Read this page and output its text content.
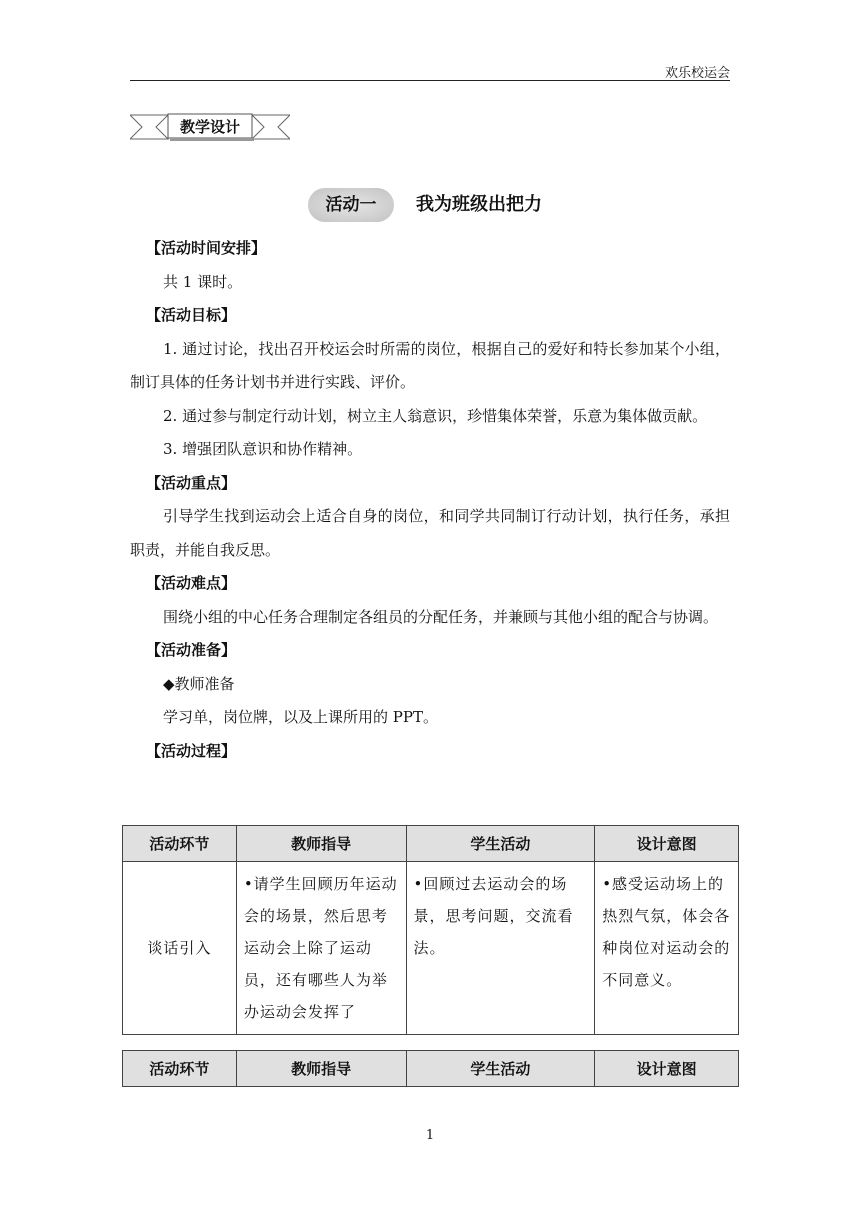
欢乐校运会
教学设计
活动一	我为班级出把力

【活动时间安排】

共 1 课时。

【活动目标】

1. 通过讨论，找出召开校运会时所需的岗位，根据自己的爱好和特长参加某个小组，制订具体的任务计划书并进行实践、评价。

2. 通过参与制定行动计划，树立主人翁意识，珍惜集体荣誉，乐意为集体做贡献。

3. 增强团队意识和协作精神。

【活动重点】

引导学生找到运动会上适合自身的岗位，和同学共同制订行动计划，执行任务，承担职责，并能自我反思。

【活动难点】

围绕小组的中心任务合理制定各组员的分配任务，并兼顾与其他小组的配合与协调。

【活动准备】

◆教师准备

学习单，岗位牌，以及上课所用的 PPT。

【活动过程】

活动环节	教师指导	学生活动	设计意图
谈话引入	•请学生回顾历年运动会的场景，然后思考运动会上除了运动员，还有哪些人为举办运动会发挥了	•回顾过去运动会的场景，思考问题，交流看法。	•感受运动场上的热烈气氛，体会各种岗位对运动会的不同意义。
活动环节	教师指导	学生活动	设计意图
1
